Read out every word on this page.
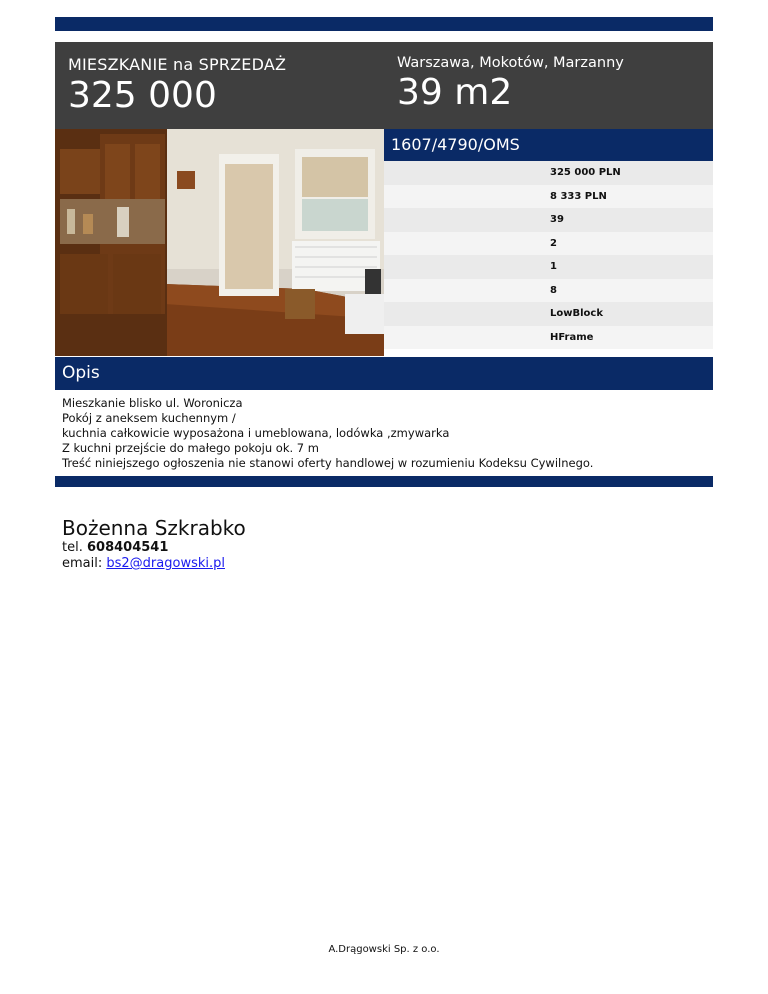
MIESZKANIE na SPRZEDAŻ
325 000
Warszawa, Mokotów, Marzanny
39 m2
1607/4790/OMS
325 000 PLN
8 333 PLN
39
2
1
8
LowBlock
HFrame
Opis
Mieszkanie blisko ul. Woronicza
Pokój z aneksem kuchennym /
kuchnia całkowicie wyposażona i umeblowana, lodówka ,zmywarka
Z kuchni przejście do małego pokoju ok. 7 m
Treść niniejszego ogłoszenia nie stanowi oferty handlowej w rozumieniu Kodeksu Cywilnego.
Bożenna Szkrabko
tel. 608404541
email: bs2@dragowski.pl
A.Drągowski Sp. z o.o.
